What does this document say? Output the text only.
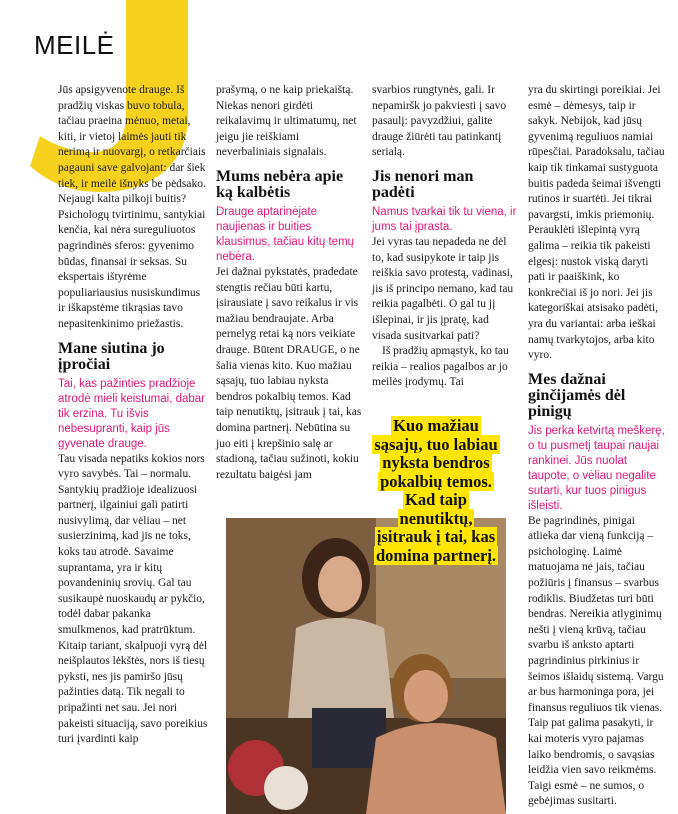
MEILĖ

Jūs apsigyvenote drauge. Iš pradžių viskas buvo tobula, tačiau praeina mėnuo, metai, kiti, ir vietoj laimės jauti tik nerimą ir nuovargį, o retkarčiais pagauni save galvojant: dar šiek tiek, ir meilė išnyks be pėdsako. Nejaugi kalta pilkoji buitis? Psichologų tvirtinimu, santykiai kenčia, kai nėra sureguliuotos pagrindinės sferos: gyvenimo būdas, finansai ir seksas. Su ekspertais ištyrėme populiariausius nusiskundimus ir iškapstėme tikrąsias tavo nepasitenkinimo priežastis.

Mane siutina jo įpročiai

Tai, kas pažinties pradžioje atrodė mieli keistumai, dabar tik erzina. Tu išvis nebesupranti, kaip jūs gyvenate drauge.

Tau visada nepatiks kokios nors vyro savybės. Tai – normalu. Santykių pradžioje idealizuosi partnerį, ilgainiui gali patirti nusivylimą, dar vėliau – net susierzinimą, kad jis ne toks, koks tau atrodė. Savaime suprantama, yra ir kitų povandeninių srovių. Gal tau susikaupė nuoskaudų ar pykčio, todėl dabar pakanka smulkmenos, kad pratrūktum. Kitaip tariant, skalpuoji vyrą dėl neišplautos lėkštės, nors iš tiesų pyksti, nes jis pamiršo jūsų pažinties datą. Tik negali to pripažinti net sau. Jei nori pakeisti situaciją, savo poreikius turi įvardinti kaip

prašymą, o ne kaip priekaištą. Niekas nenori girdėti reikalavimų ir ultimatumų, net jeigu jie reiškiami neverbaliniais signalais.

Mums nebėra apie ką kalbėtis

Drauge aptarinėjate naujienas ir buities klausimus, tačiau kitų temų nebėra.

Jei dažnai pykstatės, pradedate stengtis rečiau būti kartu, įsirausiate į savo reikalus ir vis mažiau bendraujate. Arba pernelyg retai ką nors veikiate drauge. Būtent DRAUGE, o ne šalia vienas kito. Kuo mažiau sąsajų, tuo labiau nyksta bendros pokalbių temos. Kad taip nenutiktų, įsitrauk į tai, kas domina partnerį. Nebūtina su juo eiti į krepšinio salę ar stadioną, tačiau sužinoti, kokiu rezultatu baigėsi jam

svarbios rungtynės, gali. Ir nepamiršk jo pakviesti į savo pasaulį: pavyzdžiui, galite drauge žiūrėti tau patinkantį serialą.

Jis nenori man padėti

Namus tvarkai tik tu viena, ir jums tai įprasta.

Jei vyras tau nepadeda ne dėl to, kad susipykote ir taip jis reiškia savo protestą, vadinasi, jis iš principo nemano, kad tau reikia pagalbėti. O gal tu jį išlepinai, ir jis įpratę, kad visada susitvarkai pati?

Iš pradžių apmąstyk, ko tau reikia – realios pagalbos ar jo meilės įrodymų. Tai

Kuo mažiau sąsajų, tuo labiau nyksta bendros pokalbių temos. Kad taip nenutiktų, įsitrauk į tai, kas domina partnerį.

yra du skirtingi poreikiai. Jei esmė – dėmesys, taip ir sakyk. Nebijok, kad jūsų gyvenimą reguliuos namiai rūpesčiai. Paradoksalu, tačiau kaip tik tinkamai sustyguota buitis padeda šeimai išvengti rutinos ir suartėti. Jei tikrai pavargsti, imkis priemonių. Perauklėti išlepintą vyrą galima – reikia tik pakeisti elgesį: nustok viską daryti pati ir paaiškink, ko konkrečiai iš jo nori. Jei jis kategoriškai atsisako padėti, yra du variantai: arba ieškai namų tvarkytojos, arba kito vyro.

Mes dažnai ginčijamės dėl pinigų

Jis perka ketvirtą meškerę, o tu pusmetį taupai naujai rankinei. Jūs nuolat taupote, o vėliau negalite sutarti, kur tuos pinigus išleisti.

Be pagrindinės, pinigai atlieka dar vieną funkciją – psichologinę. Laimė matuojama ne jais, tačiau požiūris į finansus – svarbus rodiklis. Biudžetas turi būti bendras. Nereikia atlyginimų nešti į vieną krūvą, tačiau svarbu iš anksto aptarti pagrindinius pirkinius ir šeimos išlaidų sistemą. Vargu ar bus harmoninga pora, jei finansus reguliuos tik vienas. Taip pat galima pasakyti, ir kai moteris vyro pajamas laiko bendromis, o savąsias leidžia vien savo reikmėms. Taigi esmė – ne sumos, o gebėjimas susitarti.
